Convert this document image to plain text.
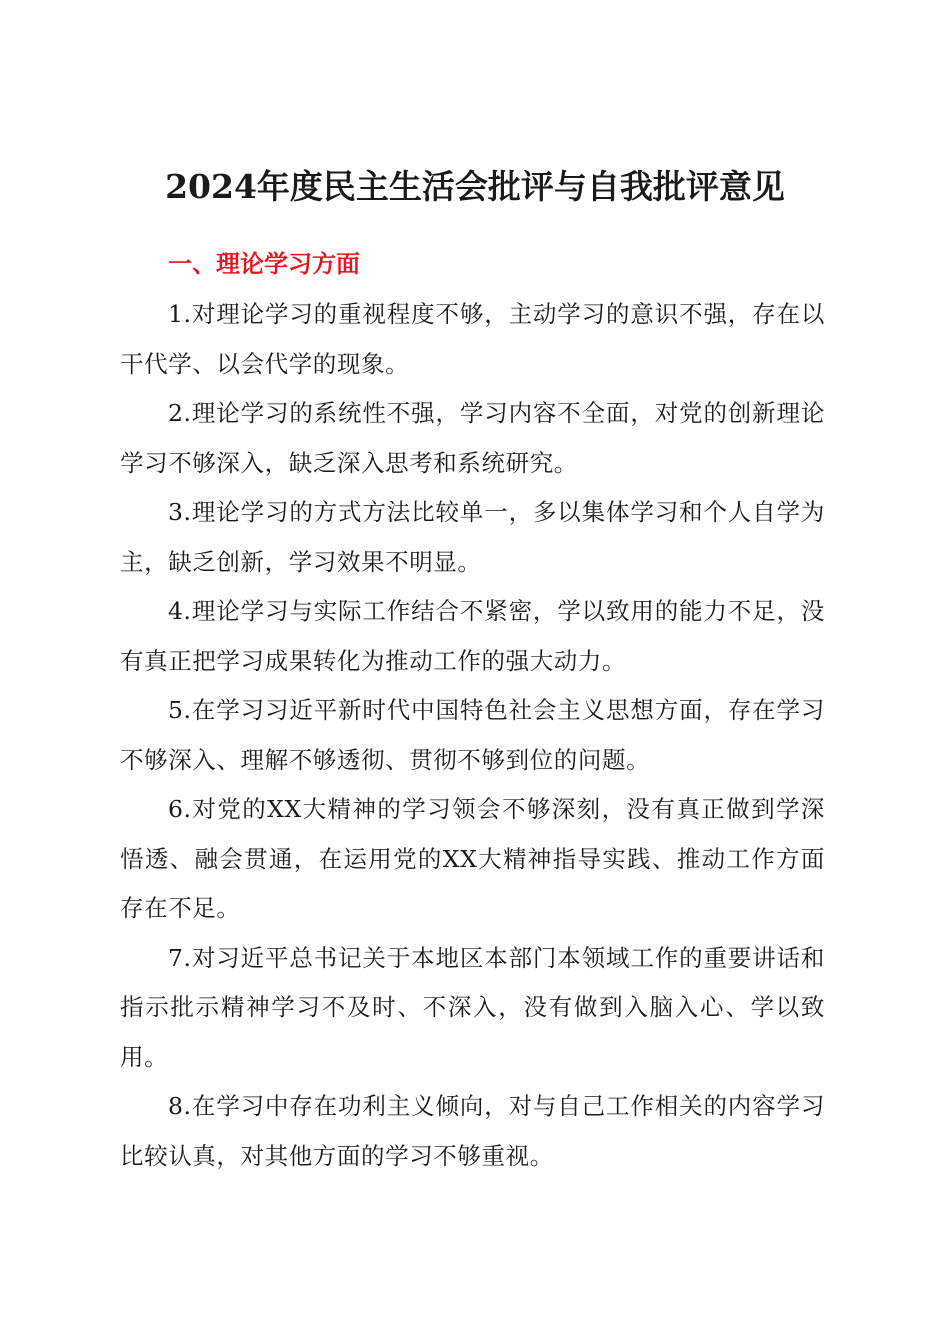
2024年度民主生活会批评与自我批评意见
一、理论学习方面

1.对理论学习的重视程度不够，主动学习的意识不强，存在以干代学、以会代学的现象。

2.理论学习的系统性不强，学习内容不全面，对党的创新理论学习不够深入，缺乏深入思考和系统研究。

3.理论学习的方式方法比较单一，多以集体学习和个人自学为主，缺乏创新，学习效果不明显。

4.理论学习与实际工作结合不紧密，学以致用的能力不足，没有真正把学习成果转化为推动工作的强大动力。

5.在学习习近平新时代中国特色社会主义思想方面，存在学习不够深入、理解不够透彻、贯彻不够到位的问题。

6.对党的XX大精神的学习领会不够深刻，没有真正做到学深悟透、融会贯通，在运用党的XX大精神指导实践、推动工作方面存在不足。

7.对习近平总书记关于本地区本部门本领域工作的重要讲话和指示批示精神学习不及时、不深入，没有做到入脑入心、学以致用。

8.在学习中存在功利主义倾向，对与自己工作相关的内容学习比较认真，对其他方面的学习不够重视。
